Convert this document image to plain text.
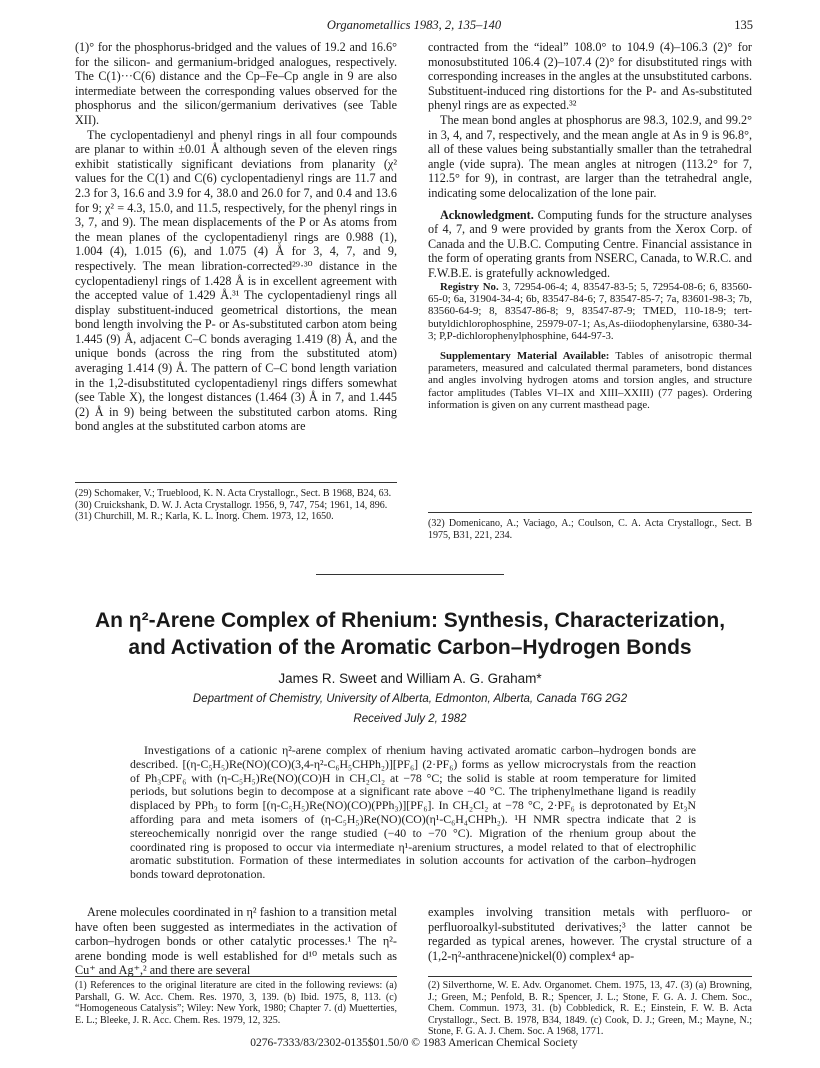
Organometallics 1983, 2, 135–140	135

(1)° for the phosphorus-bridged and the values of 19.2 and 16.6° for the silicon- and germanium-bridged analogues, respectively. The C(1)···C(6) distance and the Cp–Fe–Cp angle in 9 are also intermediate between the corresponding values observed for the phosphorus and the silicon/germanium derivatives (see Table XII).

The cyclopentadienyl and phenyl rings in all four compounds are planar to within ±0.01 Å although seven of the eleven rings exhibit statistically significant deviations from planarity (χ² values for the C(1) and C(6) cyclopentadienyl rings are 11.7 and 2.3 for 3, 16.6 and 3.9 for 4, 38.0 and 26.0 for 7, and 0.4 and 13.6 for 9; χ² = 4.3, 15.0, and 11.5, respectively, for the phenyl rings in 3, 7, and 9). The mean displacements of the P or As atoms from the mean planes of the cyclopentadienyl rings are 0.988 (1), 1.004 (4), 1.015 (6), and 1.075 (4) Å for 3, 4, 7, and 9, respectively. The mean libration-corrected²⁹·³⁰ distance in the cyclopentadienyl rings of 1.428 Å is in excellent agreement with the accepted value of 1.429 Å.³¹ The cyclopentadienyl rings all display substituent-induced geometrical distortions, the mean bond length involving the P- or As-substituted carbon atom being 1.445 (9) Å, adjacent C–C bonds averaging 1.419 (8) Å, and the unique bonds (across the ring from the substituted atom) averaging 1.414 (9) Å. The pattern of C–C bond length variation in the 1,2-disubstituted cyclopentadienyl rings differs somewhat (see Table X), the longest distances (1.464 (3) Å in 7, and 1.445 (2) Å in 9) being between the substituted carbon atoms. Ring bond angles at the substituted carbon atoms are

(29) Schomaker, V.; Trueblood, K. N. Acta Crystallogr., Sect. B 1968, B24, 63.

(30) Cruickshank, D. W. J. Acta Crystallogr. 1956, 9, 747, 754; 1961, 14, 896.

(31) Churchill, M. R.; Karla, K. L. Inorg. Chem. 1973, 12, 1650.

contracted from the “ideal” 108.0° to 104.9 (4)–106.3 (2)° for monosubstituted 106.4 (2)–107.4 (2)° for disubstituted rings with corresponding increases in the angles at the unsubstituted carbons. Substituent-induced ring distortions for the P- and As-substituted phenyl rings are as expected.³²

The mean bond angles at phosphorus are 98.3, 102.9, and 99.2° in 3, 4, and 7, respectively, and the mean angle at As in 9 is 96.8°, all of these values being substantially smaller than the tetrahedral angle (vide supra). The mean angles at nitrogen (113.2° for 7, 112.5° for 9), in contrast, are larger than the tetrahedral angle, indicating some delocalization of the lone pair.

Acknowledgment. Computing funds for the structure analyses of 4, 7, and 9 were provided by grants from the Xerox Corp. of Canada and the U.B.C. Computing Centre. Financial assistance in the form of operating grants from NSERC, Canada, to W.R.C. and F.W.B.E. is gratefully acknowledged.

Registry No. 3, 72954-06-4; 4, 83547-83-5; 5, 72954-08-6; 6, 83560-65-0; 6a, 31904-34-4; 6b, 83547-84-6; 7, 83547-85-7; 7a, 83601-98-3; 7b, 83560-64-9; 8, 83547-86-8; 9, 83547-87-9; TMED, 110-18-9; tert-butyldichlorophosphine, 25979-07-1; As,As-diiodophenylarsine, 6380-34-3; P,P-dichlorophenylphosphine, 644-97-3.

Supplementary Material Available: Tables of anisotropic thermal parameters, measured and calculated thermal parameters, bond distances and angles involving hydrogen atoms and torsion angles, and structure factor amplitudes (Tables VI–IX and XIII–XXIII) (77 pages). Ordering information is given on any current masthead page.

(32) Domenicano, A.; Vaciago, A.; Coulson, C. A. Acta Crystallogr., Sect. B 1975, B31, 221, 234.

An η²-Arene Complex of Rhenium: Synthesis, Characterization,
and Activation of the Aromatic Carbon–Hydrogen Bonds
James R. Sweet and William A. G. Graham*
Department of Chemistry, University of Alberta, Edmonton, Alberta, Canada T6G 2G2
Received July 2, 1982

Investigations of a cationic η²-arene complex of rhenium having activated aromatic carbon–hydrogen bonds are described. [(η-C₅H₅)Re(NO)(CO)(3,4-η²-C₆H₅CHPh₂)][PF₆] (2·PF₆) forms as yellow microcrystals from the reaction of Ph₃CPF₆ with (η-C₅H₅)Re(NO)(CO)H in CH₂Cl₂ at −78 °C; the solid is stable at room temperature for limited periods, but solutions begin to decompose at a significant rate above −40 °C. The triphenylmethane ligand is readily displaced by PPh₃ to form [(η-C₅H₅)Re(NO)(CO)(PPh₃)][PF₆]. In CH₂Cl₂ at −78 °C, 2·PF₆ is deprotonated by Et₃N affording para and meta isomers of (η-C₅H₅)Re(NO)(CO)(η¹-C₆H₄CHPh₂). ¹H NMR spectra indicate that 2 is stereochemically nonrigid over the range studied (−40 to −70 °C). Migration of the rhenium group about the coordinated ring is proposed to occur via intermediate η¹-arenium structures, a model related to that of electrophilic aromatic substitution. Formation of these intermediates in solution accounts for activation of the carbon–hydrogen bonds toward deprotonation.

Arene molecules coordinated in η² fashion to a transition metal have often been suggested as intermediates in the activation of carbon–hydrogen bonds or other catalytic processes.¹ The η²-arene bonding mode is well established for d¹⁰ metals such as Cu⁺ and Ag⁺,² and there are several

examples involving transition metals with perfluoro- or perfluoroalkyl-substituted derivatives;³ the latter cannot be regarded as typical arenes, however. The crystal structure of a (1,2-η²-anthracene)nickel(0) complex⁴ ap-

(1) References to the original literature are cited in the following reviews: (a) Parshall, G. W. Acc. Chem. Res. 1970, 3, 139. (b) Ibid. 1975, 8, 113. (c) “Homogeneous Catalysis”; Wiley: New York, 1980; Chapter 7. (d) Muetterties, E. L.; Bleeke, J. R. Acc. Chem. Res. 1979, 12, 325.

(2) Silverthorne, W. E. Adv. Organomet. Chem. 1975, 13, 47. (3) (a) Browning, J.; Green, M.; Penfold, B. R.; Spencer, J. L.; Stone, F. G. A. J. Chem. Soc., Chem. Commun. 1973, 31. (b) Cobbledick, R. E.; Einstein, F. W. B. Acta Crystallogr., Sect. B. 1978, B34, 1849. (c) Cook, D. J.; Green, M.; Mayne, N.; Stone, F. G. A. J. Chem. Soc. A 1968, 1771.

0276-7333/83/2302-0135$01.50/0 © 1983 American Chemical Society
